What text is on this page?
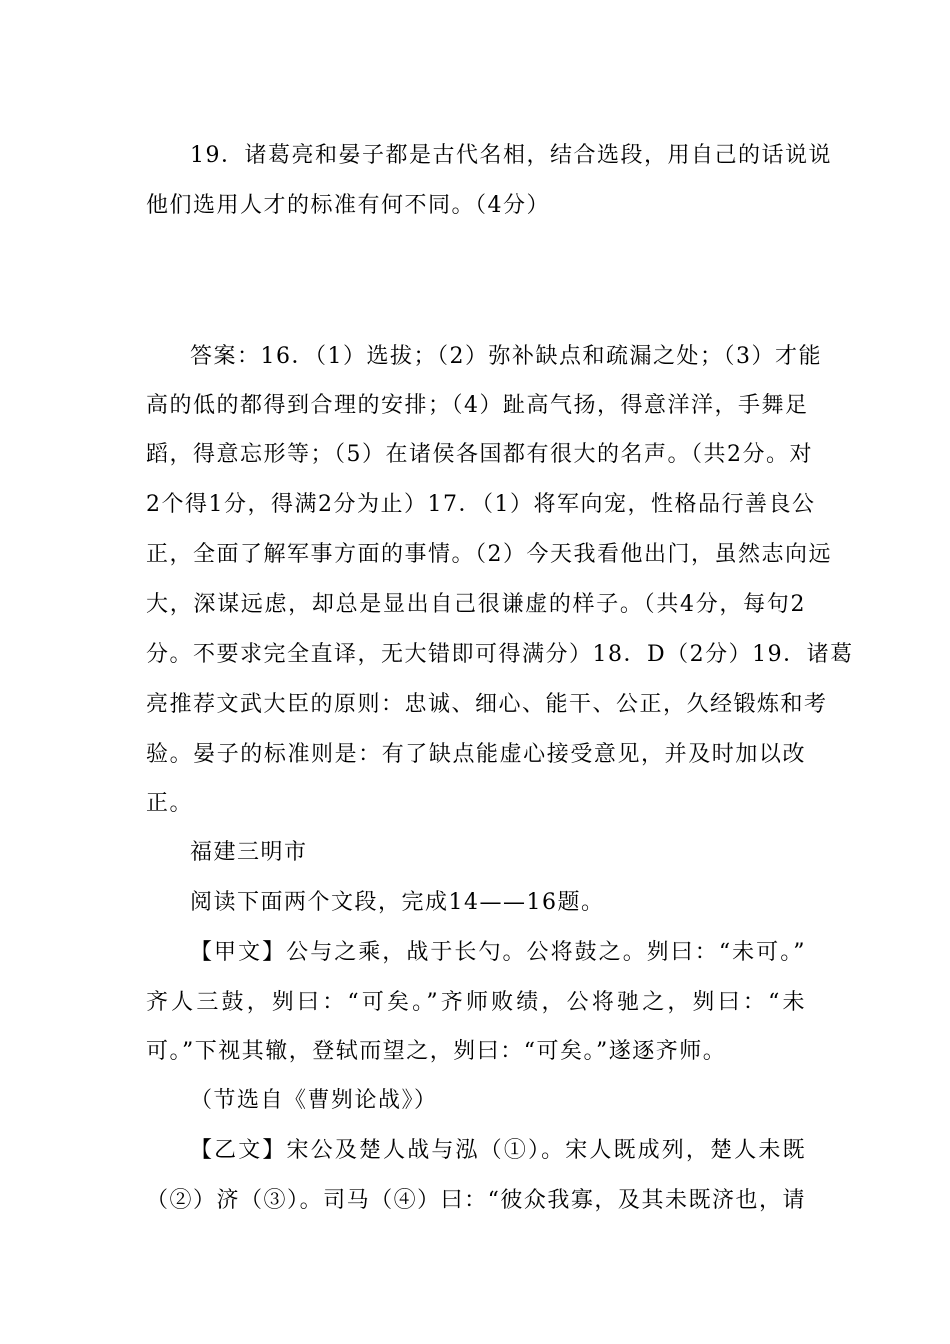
19．诸葛亮和晏子都是古代名相，结合选段，用自己的话说说
他们选用人才的标准有何不同。（4分）
答案：16．（1）选拔；（2）弥补缺点和疏漏之处；（3）才能
高的低的都得到合理的安排；（4）趾高气扬，得意洋洋，手舞足
蹈，得意忘形等；（5）在诸侯各国都有很大的名声。（共2分。对
2个得1分，得满2分为止）17．（1）将军向宠，性格品行善良公
正，全面了解军事方面的事情。（2）今天我看他出门，虽然志向远
大，深谋远虑，却总是显出自己很谦虚的样子。（共4分，每句2
分。不要求完全直译，无大错即可得满分）18．D（2分）19．诸葛
亮推荐文武大臣的原则：忠诚、细心、能干、公正，久经锻炼和考
验。晏子的标准则是：有了缺点能虚心接受意见，并及时加以改
正。
福建三明市
阅读下面两个文段，完成14——16题。
【甲文】公与之乘，战于长勺。公将鼓之。刿曰：“未可。”
齐人三鼓，刿曰：“可矣。”齐师败绩，公将驰之，刿曰：“未
可。”下视其辙，登轼而望之，刿曰：“可矣。”遂逐齐师。
（节选自《曹刿论战》）
【乙文】宋公及楚人战与泓（①）。宋人既成列，楚人未既
（②）济（③）。司马（④）曰：“彼众我寡，及其未既济也，请
